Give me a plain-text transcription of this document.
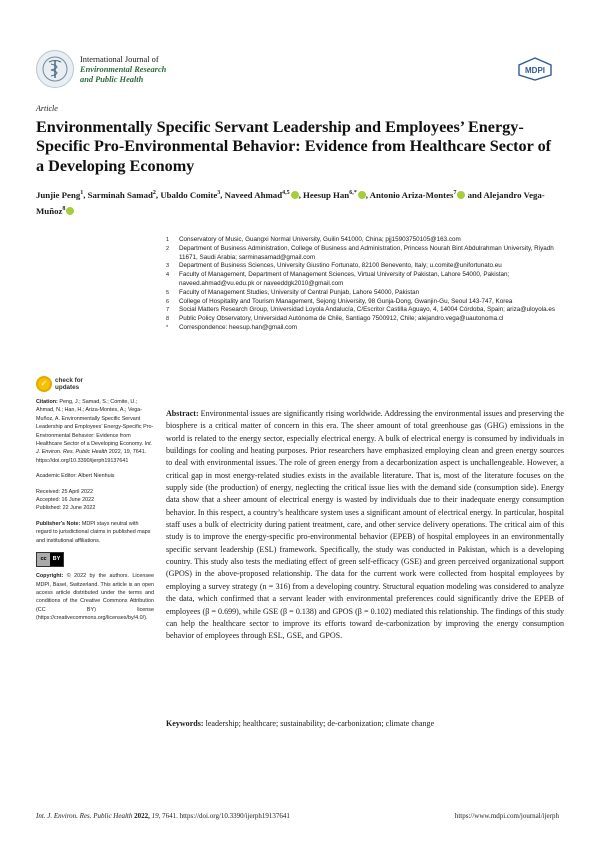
International Journal of
Environmental Research
and Public Health
MDPI
Article
Environmentally Specific Servant Leadership and Employees’ Energy-Specific Pro-Environmental Behavior: Evidence from Healthcare Sector of a Developing Economy
Junjie Peng$^1$, Sarminah Samad$^2$, Ubaldo Comite$^3$, Naveed Ahmad$^{4,5}$ , Heesup Han$^{6,*}$ , Antonio Ariza-Montes$^7$ and Alejandro Vega-Muñoz$^8$
1	Conservatory of Music, Guangxi Normal University, Guilin 541000, China; pjj15903750105@163.com
2	Department of Business Administration, College of Business and Administration, Princess Nourah Bint Abdulrahman University, Riyadh 11671, Saudi Arabia; sarminasamad@gmail.com
3	Department of Business Sciences, University Giustino Fortunato, 82100 Benevento, Italy; u.comite@unifortunato.eu
4	Faculty of Management, Department of Management Sciences, Virtual University of Pakistan, Lahore 54000, Pakistan; naveed.ahmad@vu.edu.pk or naveeddgk2010@gmail.com
5	Faculty of Management Studies, University of Central Punjab, Lahore 54000, Pakistan
6	College of Hospitality and Tourism Management, Sejong University, 98 Gunja-Dong, Gwanjin-Gu, Seoul 143-747, Korea
7	Social Matters Research Group, Universidad Loyola Andalucía, C/Escritor Castilla Aguayo, 4, 14004 Córdoba, Spain; ariza@uloyola.es
8	Public Policy Observatory, Universidad Autónoma de Chile, Santiago 7500912, Chile; alejandro.vega@uautonoma.cl
*	Correspondence: heesup.han@gmail.com
✓	check for
updates
Citation: Peng, J.; Samad, S.; Comite, U.; Ahmad, N.; Han, H.; Ariza-Montes, A.; Vega-Muñoz, A. Environmentally Specific Servant Leadership and Employees’ Energy-Specific Pro-Environmental Behavior: Evidence from Healthcare Sector of a Developing Economy. Int. J. Environ. Res. Public Health 2022, 19, 7641. https://doi.org/10.3390/ijerph19137641
Academic Editor: Albert Nienhuis
Received: 25 April 2022
Accepted: 16 June 2022
Published: 22 June 2022
Publisher’s Note: MDPI stays neutral with regard to jurisdictional claims in published maps and institutional affiliations.
cc	BY
Copyright: © 2022 by the authors. Licensee MDPI, Basel, Switzerland. This article is an open access article distributed under the terms and conditions of the Creative Commons Attribution (CC BY) license (https://creativecommons.org/licenses/by/4.0/).
Abstract: Environmental issues are significantly rising worldwide. Addressing the environmental issues and preserving the biosphere is a critical matter of concern in this era. The sheer amount of total greenhouse gas (GHG) emissions in the world is related to the energy sector, especially electrical energy. A bulk of electrical energy is consumed by individuals in buildings for cooling and heating purposes. Prior researchers have emphasized employing clean and green energy sources to deal with environmental issues. The role of green energy from a decarbonization aspect is unchallengeable. However, a critical gap in most energy-related studies exists in the available literature. That is, most of the literature focuses on the supply side (the production) of energy, neglecting the critical issue lies with the demand side (consumption side). Energy data show that a sheer amount of electrical energy is wasted by individuals due to their inadequate energy consumption behavior. In this respect, a country’s healthcare system uses a significant amount of electrical energy. In particular, hospital staff uses a bulk of electricity during patient treatment, care, and other service delivery operations. The critical aim of this study is to improve the energy-specific pro-environmental behavior (EPEB) of hospital employees in an environmentally specific servant leadership (ESL) framework. Specifically, the study was conducted in Pakistan, which is a developing country. This study also tests the mediating effect of green self-efficacy (GSE) and green perceived organizational support (GPOS) in the above-proposed relationship. The data for the current work were collected from hospital employees by employing a survey strategy (n = 316) from a developing country. Structural equation modeling was considered to analyze the data, which confirmed that a servant leader with environmental preferences could significantly drive the EPEB of employees (β = 0.699), while GSE (β = 0.138) and GPOS (β = 0.102) mediated this relationship. The findings of this study can help the healthcare sector to improve its efforts toward de-carbonization by improving the energy consumption behavior of employees through ESL, GSE, and GPOS.
Keywords: leadership; healthcare; sustainability; de-carbonization; climate change
Int. J. Environ. Res. Public Health 2022, 19, 7641. https://doi.org/10.3390/ijerph19137641	https://www.mdpi.com/journal/ijerph
